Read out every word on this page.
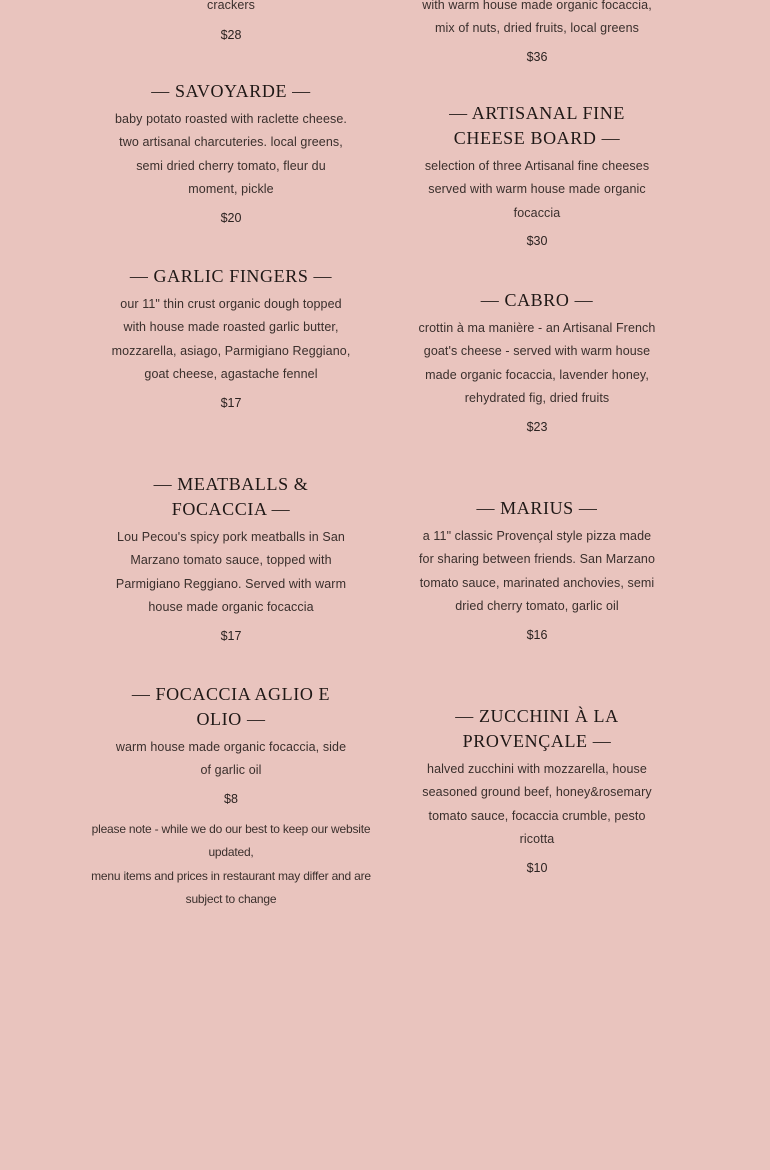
crackers
$28
— SAVOYARDE —
baby potato roasted with raclette cheese. two artisanal charcuteries. local greens, semi dried cherry tomato, fleur du moment, pickle
$20
— GARLIC FINGERS —
our 11" thin crust organic dough topped with house made roasted garlic butter, mozzarella, asiago, Parmigiano Reggiano, goat cheese, agastache fennel
$17
— MEATBALLS &
FOCACCIA —
Lou Pecou's spicy pork meatballs in San Marzano tomato sauce, topped with Parmigiano Reggiano. Served with warm house made organic focaccia
$17
— FOCACCIA AGLIO E
OLIO —
warm house made organic focaccia, side of garlic oil
$8
please note - while we do our best to keep our website updated,
menu items and prices in restaurant may differ and are subject to change
with warm house made organic focaccia,
mix of nuts, dried fruits, local greens
$36
— ARTISANAL FINE
CHEESE BOARD —
selection of three Artisanal fine cheeses served with warm house made organic focaccia
$30
— CABRO —
crottin à ma manière - an Artisanal French goat's cheese - served with warm house made organic focaccia, lavender honey, rehydrated fig, dried fruits
$23
— MARIUS —
a 11" classic Provençal style pizza made for sharing between friends. San Marzano tomato sauce, marinated anchovies, semi dried cherry tomato, garlic oil
$16
— ZUCCHINI À LA
PROVENÇALE —
halved zucchini with mozzarella, house seasoned ground beef, honey&rosemary tomato sauce, focaccia crumble, pesto ricotta
$10
